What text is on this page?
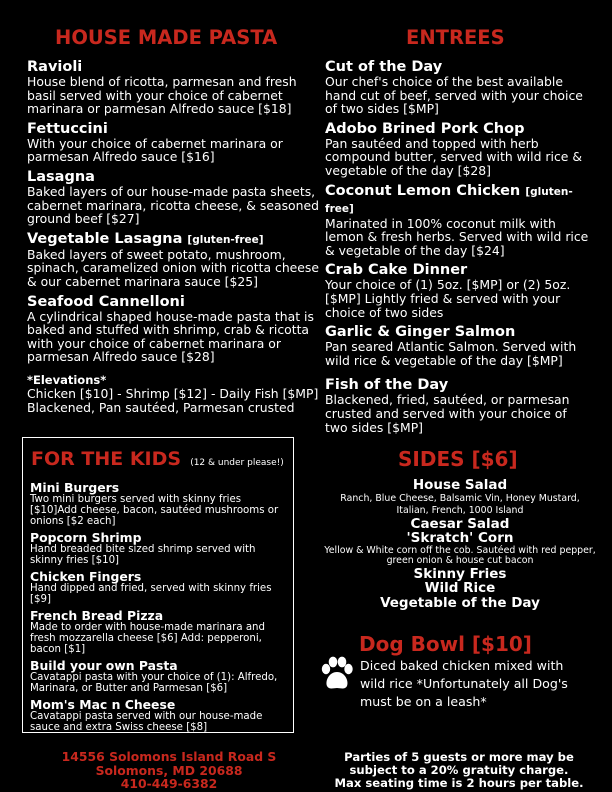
HOUSE MADE PASTA
Ravioli
House blend of ricotta, parmesan and fresh basil served with your choice of cabernet marinara or parmesan Alfredo sauce [$18]
Fettuccini
With your choice of cabernet marinara or parmesan Alfredo sauce [$16]
Lasagna
Baked layers of our house-made pasta sheets, cabernet marinara, ricotta cheese, & seasoned ground beef [$27]
Vegetable Lasagna [gluten-free]
Baked layers of sweet potato, mushroom, spinach, caramelized onion with ricotta cheese & our cabernet marinara sauce [$25]
Seafood Cannelloni
A cylindrical shaped house-made pasta that is baked and stuffed with shrimp, crab & ricotta with your choice of cabernet marinara or parmesan Alfredo sauce [$28]
*Elevations*
Chicken [$10] - Shrimp [$12] - Daily Fish [$MP]
Blackened, Pan sautéed, Parmesan crusted
ENTREES
Cut of the Day
Our chef's choice of the best available hand cut of beef, served with your choice of two sides [$MP]
Adobo Brined Pork Chop
Pan sautéed and topped with herb compound butter, served with wild rice & vegetable of the day [$28]
Coconut Lemon Chicken [gluten-free]
Marinated in 100% coconut milk with lemon & fresh herbs. Served with wild rice & vegetable of the day [$24]
Crab Cake Dinner
Your choice of (1) 5oz. [$MP] or (2) 5oz. [$MP] Lightly fried & served with your choice of two sides
Garlic & Ginger Salmon
Pan seared Atlantic Salmon. Served with wild rice & vegetable of the day [$MP]
Fish of the Day
Blackened, fried, sautéed, or parmesan crusted and served with your choice of two sides [$MP]
FOR THE KIDS (12 & under please!)
Mini Burgers
Two mini burgers served with skinny fries [$10]Add cheese, bacon, sautéed mushrooms or onions [$2 each]
Popcorn Shrimp
Hand breaded bite sized shrimp served with skinny fries [$10]
Chicken Fingers
Hand dipped and fried, served with skinny fries [$9]
French Bread Pizza
Made to order with house-made marinara and fresh mozzarella cheese [$6] Add: pepperoni, bacon [$1]
Build your own Pasta
Cavatappi pasta with your choice of (1): Alfredo, Marinara, or Butter and Parmesan [$6]
Mom's Mac n Cheese
Cavatappi pasta served with our house-made sauce and extra Swiss cheese [$8]
SIDES [$6]
House Salad
Ranch, Blue Cheese, Balsamic Vin, Honey Mustard, Italian, French, 1000 Island
Caesar Salad
'Skratch' Corn
Yellow & White corn off the cob. Sautéed with red pepper, green onion & house cut bacon
Skinny Fries
Wild Rice
Vegetable of the Day
Dog Bowl [$10]
Diced baked chicken mixed with wild rice *Unfortunately all Dog's must be on a leash*
14556 Solomons Island Road S
Solomons, MD 20688
410-449-6382
Parties of 5 guests or more may be
subject to a 20% gratuity charge.
Max seating time is 2 hours per table.
